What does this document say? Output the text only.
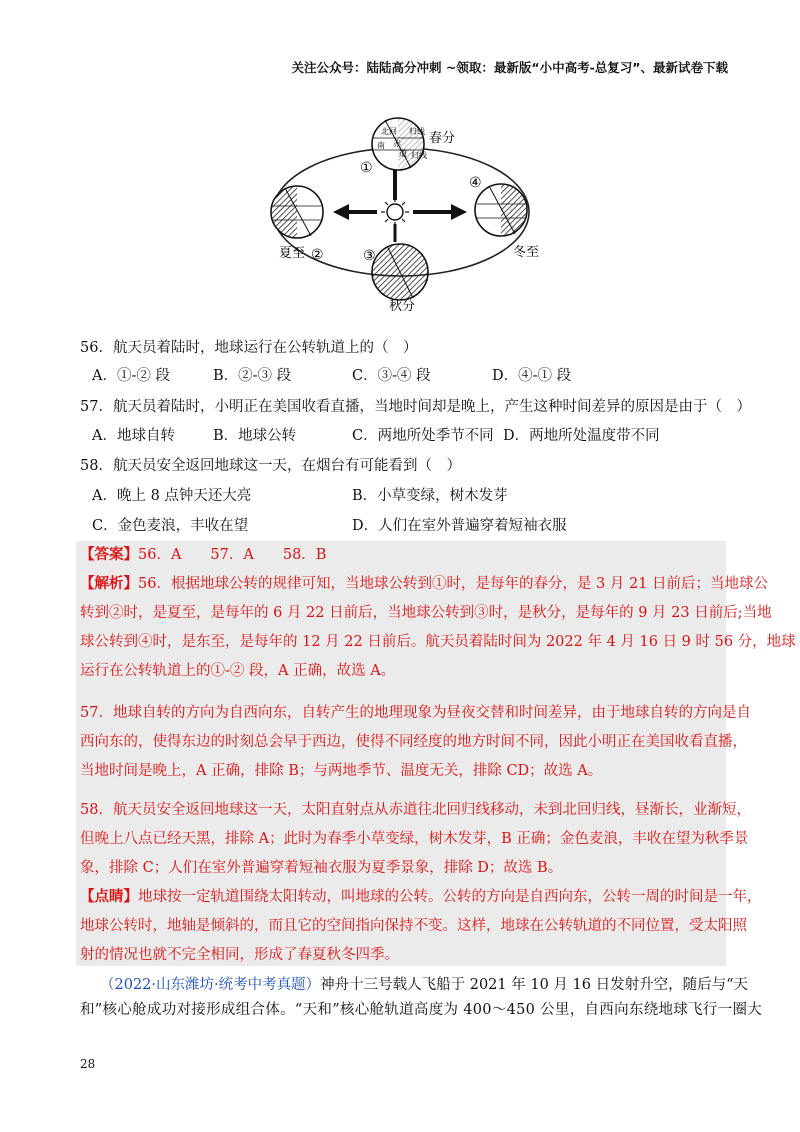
关注公众号：陆陆高分冲刺 ~领取：最新版“小中高考-总复习”、最新试卷下载
北回 归线
南 赤
道 归线
春分
①
夏至 ②	冬至
④
秋分
③
56．航天员着陆时，地球运行在公转轨道上的（　）
A．①-② 段	B．②-③ 段	C．③-④ 段	D．④-① 段
57．航天员着陆时，小明正在美国收看直播，当地时间却是晚上，产生这种时间差异的原因是由于（　）
A．地球自转	B．地球公转	C．两地所处季节不同 D．两地所处温度带不同
58．航天员安全返回地球这一天，在烟台有可能看到（　）
A．晚上 8 点钟天还大亮	B．小草变绿，树木发芽
C．金色麦浪，丰收在望	D．人们在室外普遍穿着短袖衣服
【答案】56．A　　57．A　　58．B
【解析】56．根据地球公转的规律可知，当地球公转到①时，是每年的春分，是 3 月 21 日前后；当地球公
转到②时，是夏至，是每年的 6 月 22 日前后，当地球公转到③时，是秋分，是每年的 9 月 23 日前后;当地
球公转到④时，是东至，是每年的 12 月 22 日前后。航天员着陆时间为 2022 年 4 月 16 日 9 时 56 分，地球
运行在公转轨道上的①-② 段，A 正确，故选 A。
57．地球自转的方向为自西向东，自转产生的地理现象为昼夜交替和时间差异，由于地球自转的方向是自
西向东的，使得东边的时刻总会早于西边，使得不同经度的地方时间不同，因此小明正在美国收看直播，
当地时间是晚上，A 正确，排除 B；与两地季节、温度无关，排除 CD；故选 A。
58．航天员安全返回地球这一天，太阳直射点从赤道往北回归线移动，未到北回归线，昼渐长，业渐短，
但晚上八点已经天黑，排除 A；此时为春季小草变绿，树木发芽，B 正确；金色麦浪，丰收在望为秋季景
象，排除 C；人们在室外普遍穿着短袖衣服为夏季景象，排除 D；故选 B。
【点睛】地球按一定轨道围绕太阳转动，叫地球的公转。公转的方向是自西向东，公转一周的时间是一年，
地球公转时，地轴是倾斜的，而且它的空间指向保持不变。这样，地球在公转轨道的不同位置，受太阳照
射的情况也就不完全相同，形成了春夏秋冬四季。
（2022·山东潍坊·统考中考真题）神舟十三号载人飞船于 2021 年 10 月 16 日发射升空，随后与“天
和”核心舱成功对接形成组合体。“天和”核心舱轨道高度为 400～450 公里，自西向东绕地球飞行一圈大
28
